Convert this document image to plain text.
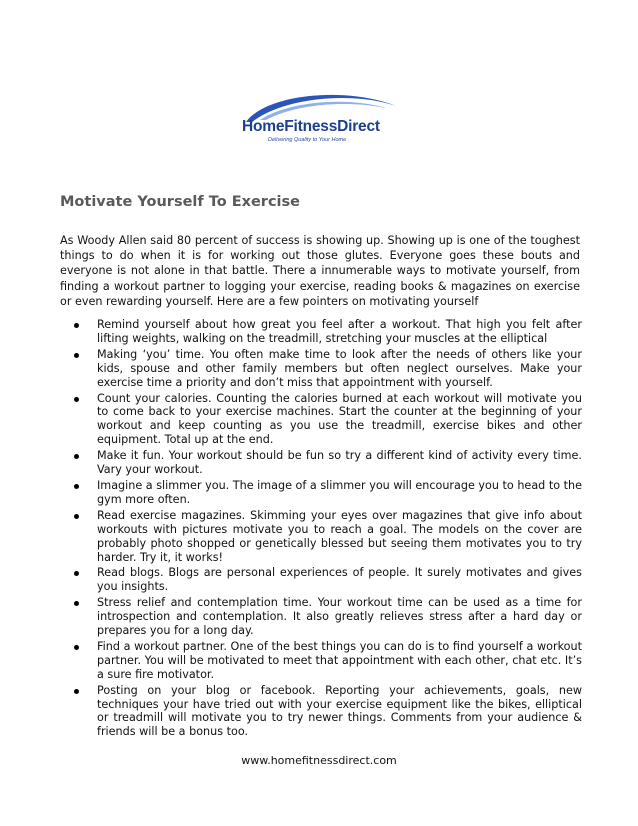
HomeFitnessDirect
Delivering Quality to Your Home
Motivate Yourself To Exercise

As Woody Allen said 80 percent of success is showing up. Showing up is one of the toughest things to do when it is for working out those glutes. Everyone goes these bouts and everyone is not alone in that battle. There a innumerable ways to motivate yourself, from finding a workout partner to logging your exercise, reading books & magazines on exercise or even rewarding yourself. Here are a few pointers on motivating yourself

Remind yourself about how great you feel after a workout. That high you felt after lifting weights, walking on the treadmill, stretching your muscles at the elliptical
Making ‘you’ time. You often make time to look after the needs of others like your kids, spouse and other family members but often neglect ourselves. Make your exercise time a priority and don’t miss that appointment with yourself.
Count your calories. Counting the calories burned at each workout will motivate you to come back to your exercise machines. Start the counter at the beginning of your workout and keep counting as you use the treadmill, exercise bikes and other equipment. Total up at the end.
Make it fun. Your workout should be fun so try a different kind of activity every time. Vary your workout.
Imagine a slimmer you. The image of a slimmer you will encourage you to head to the gym more often.
Read exercise magazines. Skimming your eyes over magazines that give info about workouts with pictures motivate you to reach a goal. The models on the cover are probably photo shopped or genetically blessed but seeing them motivates you to try harder. Try it, it works!
Read blogs. Blogs are personal experiences of people. It surely motivates and gives you insights.
Stress relief and contemplation time. Your workout time can be used as a time for introspection and contemplation. It also greatly relieves stress after a hard day or prepares you for a long day.
Find a workout partner. One of the best things you can do is to find yourself a workout partner. You will be motivated to meet that appointment with each other, chat etc. It’s a sure fire motivator.
Posting on your blog or facebook. Reporting your achievements, goals, new techniques your have tried out with your exercise equipment like the bikes, elliptical or treadmill will motivate you to try newer things. Comments from your audience & friends will be a bonus too.
www.homefitnessdirect.com
